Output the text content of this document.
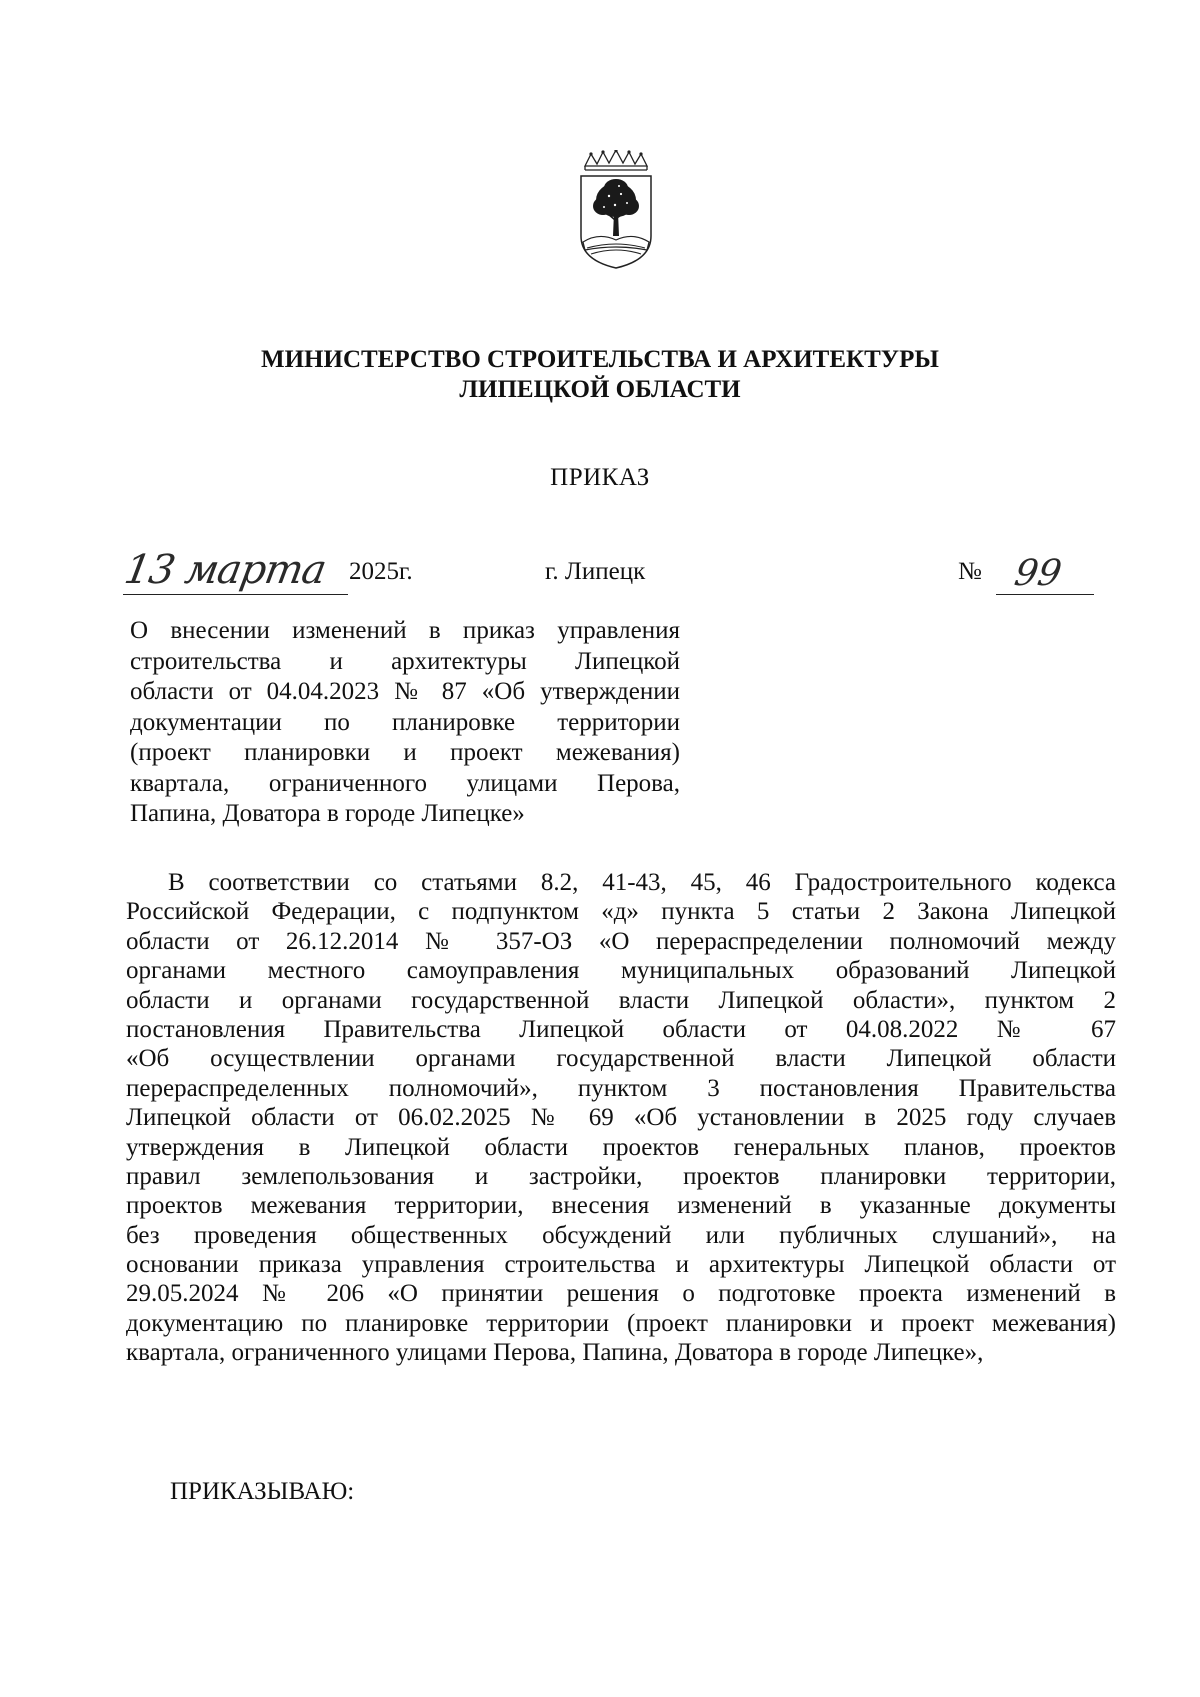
МИНИСТЕРСТВО СТРОИТЕЛЬСТВА И АРХИТЕКТУРЫ
ЛИПЕЦКОЙ ОБЛАСТИ

ПРИКАЗ

13 марта 2025г.	г. Липецк	№ 99
О внесении изменений в приказ управления
строительства и архитектуры Липецкой
области от 04.04.2023 № 87 «Об утверждении
документации по планировке территории
(проект планировки и проект межевания)
квартала, ограниченного улицами Перова,
Папина, Доватора в городе Липецке»
В соответствии со статьями 8.2, 41-43, 45, 46 Градостроительного кодекса
Российской Федерации, с подпунктом «д» пункта 5 статьи 2 Закона Липецкой
области от 26.12.2014 № 357-ОЗ «О перераспределении полномочий между
органами местного самоуправления муниципальных образований Липецкой
области и органами государственной власти Липецкой области», пунктом 2
постановления Правительства Липецкой области от 04.08.2022 № 67
«Об осуществлении органами государственной власти Липецкой области
перераспределенных полномочий», пунктом 3 постановления Правительства
Липецкой области от 06.02.2025 № 69 «Об установлении в 2025 году случаев
утверждения в Липецкой области проектов генеральных планов, проектов
правил землепользования и застройки, проектов планировки территории,
проектов межевания территории, внесения изменений в указанные документы
без проведения общественных обсуждений или публичных слушаний», на
основании приказа управления строительства и архитектуры Липецкой области от
29.05.2024 № 206 «О принятии решения о подготовке проекта изменений в
документацию по планировке территории (проект планировки и проект межевания)
квартала, ограниченного улицами Перова, Папина, Доватора в городе Липецке»,
ПРИКАЗЫВАЮ:
